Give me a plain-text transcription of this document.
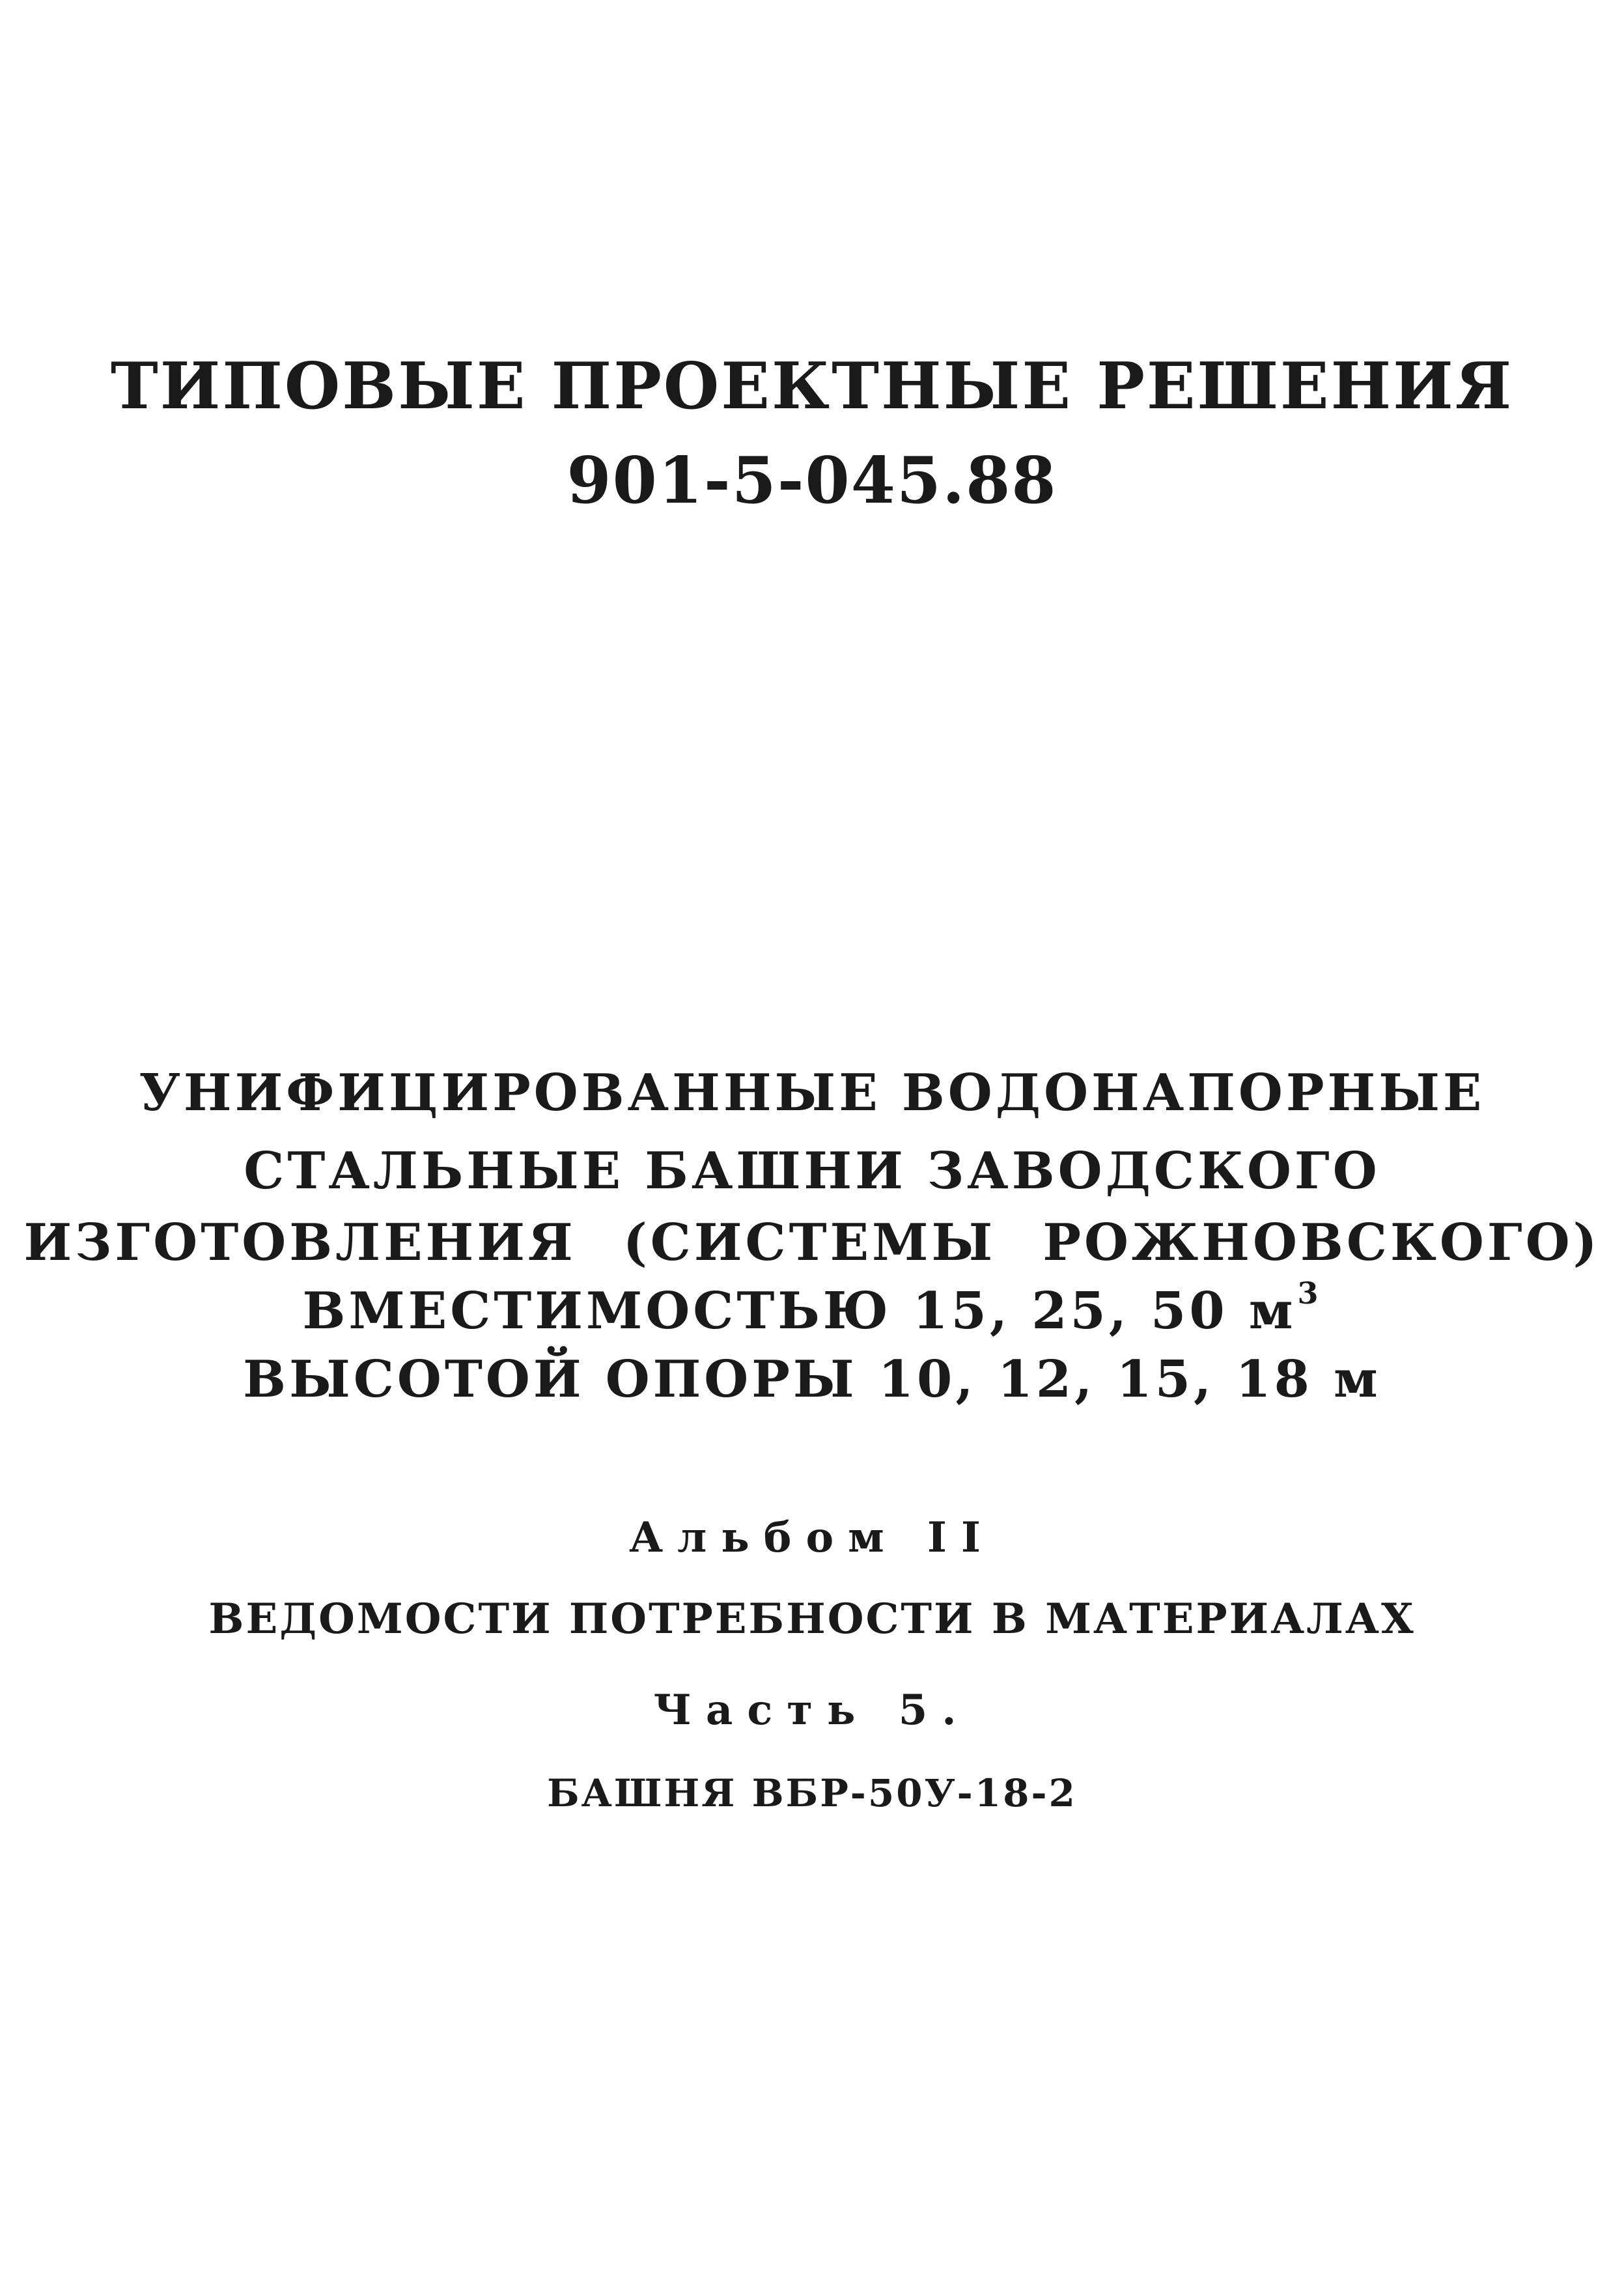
ТИПОВЫЕ ПРОЕКТНЫЕ РЕШЕНИЯ
901-5-045.88
УНИФИЦИРОВАННЫЕ ВОДОНАПОРНЫЕ
СТАЛЬНЫЕ БАШНИ ЗАВОДСКОГО
ИЗГОТОВЛЕНИЯ (СИСТЕМЫ РОЖНОВСКОГО)
ВМЕСТИМОСТЬЮ 15, 25, 50 $м^3$
ВЫСОТОЙ ОПОРЫ 10, 12, 15, 18 м
Альбом II
ВЕДОМОСТИ ПОТРЕБНОСТИ В МАТЕРИАЛАХ
Часть 5.
БАШНЯ ВБР-50У-18-2
